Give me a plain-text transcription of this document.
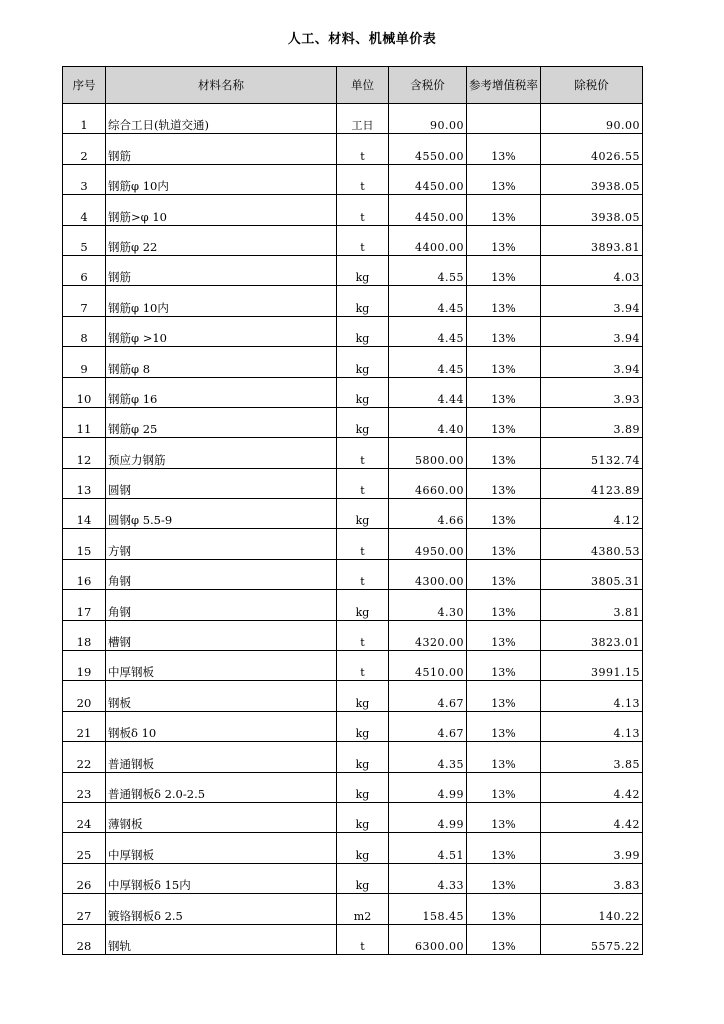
人工、材料、机械单价表
序号	材料名称	单位	含税价	参考增值税率	除税价
1	综合工日(轨道交通)	工日	90.00		90.00
2	钢筋	t	4550.00	13%	4026.55
3	钢筋φ 10内	t	4450.00	13%	3938.05
4	钢筋>φ 10	t	4450.00	13%	3938.05
5	钢筋φ 22	t	4400.00	13%	3893.81
6	钢筋	kg	4.55	13%	4.03
7	钢筋φ 10内	kg	4.45	13%	3.94
8	钢筋φ >10	kg	4.45	13%	3.94
9	钢筋φ 8	kg	4.45	13%	3.94
10	钢筋φ 16	kg	4.44	13%	3.93
11	钢筋φ 25	kg	4.40	13%	3.89
12	预应力钢筋	t	5800.00	13%	5132.74
13	圆钢	t	4660.00	13%	4123.89
14	圆钢φ 5.5-9	kg	4.66	13%	4.12
15	方钢	t	4950.00	13%	4380.53
16	角钢	t	4300.00	13%	3805.31
17	角钢	kg	4.30	13%	3.81
18	槽钢	t	4320.00	13%	3823.01
19	中厚钢板	t	4510.00	13%	3991.15
20	钢板	kg	4.67	13%	4.13
21	钢板δ 10	kg	4.67	13%	4.13
22	普通钢板	kg	4.35	13%	3.85
23	普通钢板δ 2.0-2.5	kg	4.99	13%	4.42
24	薄钢板	kg	4.99	13%	4.42
25	中厚钢板	kg	4.51	13%	3.99
26	中厚钢板δ 15内	kg	4.33	13%	3.83
27	镀铬钢板δ 2.5	m2	158.45	13%	140.22
28	钢轨	t	6300.00	13%	5575.22
